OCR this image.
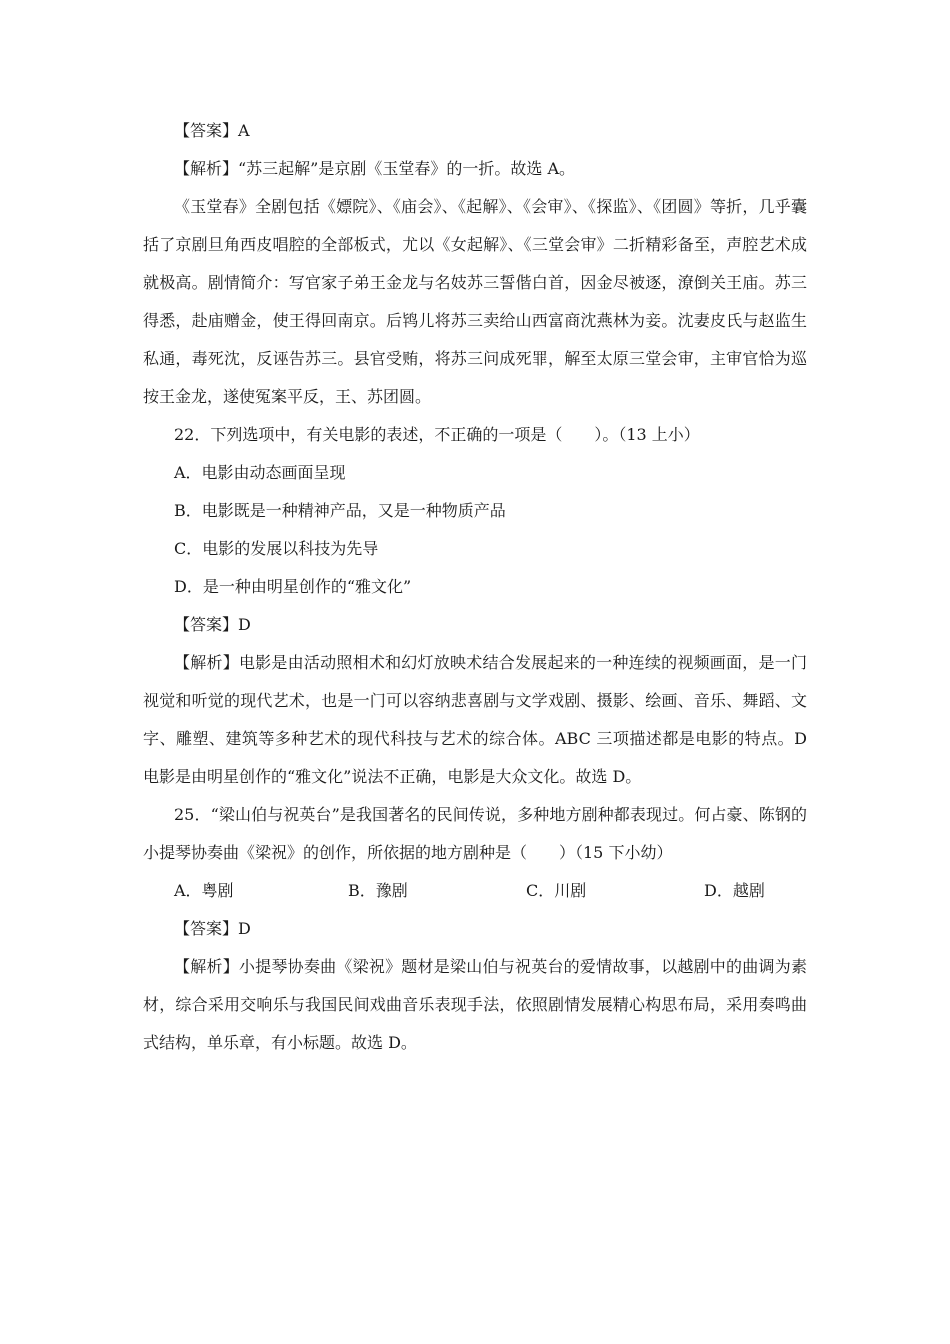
【答案】A
【解析】“苏三起解”是京剧《玉堂春》的一折。故选 A。
《玉堂春》全剧包括《嫖院》、《庙会》、《起解》、《会审》、《探监》、《团圆》等折，几乎囊括了京剧旦角西皮唱腔的全部板式，尤以《女起解》、《三堂会审》二折精彩备至，声腔艺术成就极高。剧情简介：写官家子弟王金龙与名妓苏三誓偕白首，因金尽被逐，潦倒关王庙。苏三得悉，赴庙赠金，使王得回南京。后鸨儿将苏三卖给山西富商沈燕林为妾。沈妻皮氏与赵监生私通，毒死沈，反诬告苏三。县官受贿，将苏三问成死罪，解至太原三堂会审，主审官恰为巡按王金龙，遂使冤案平反，王、苏团圆。
22．下列选项中，有关电影的表述，不正确的一项是（　　）。（13 上小）
A．电影由动态画面呈现
B．电影既是一种精神产品，又是一种物质产品
C．电影的发展以科技为先导
D．是一种由明星创作的“雅文化”
【答案】D
【解析】电影是由活动照相术和幻灯放映术结合发展起来的一种连续的视频画面，是一门视觉和听觉的现代艺术，也是一门可以容纳悲喜剧与文学戏剧、摄影、绘画、音乐、舞蹈、文字、雕塑、建筑等多种艺术的现代科技与艺术的综合体。ABC 三项描述都是电影的特点。D 电影是由明星创作的“雅文化”说法不正确，电影是大众文化。故选 D。
25．“梁山伯与祝英台”是我国著名的民间传说，多种地方剧种都表现过。何占豪、陈钢的小提琴协奏曲《梁祝》的创作，所依据的地方剧种是（　　）（15 下小幼）
A．粤剧	B．豫剧	C．川剧	D．越剧
【答案】D
【解析】小提琴协奏曲《梁祝》题材是梁山伯与祝英台的爱情故事，以越剧中的曲调为素材，综合采用交响乐与我国民间戏曲音乐表现手法，依照剧情发展精心构思布局，采用奏鸣曲式结构，单乐章，有小标题。故选 D。
